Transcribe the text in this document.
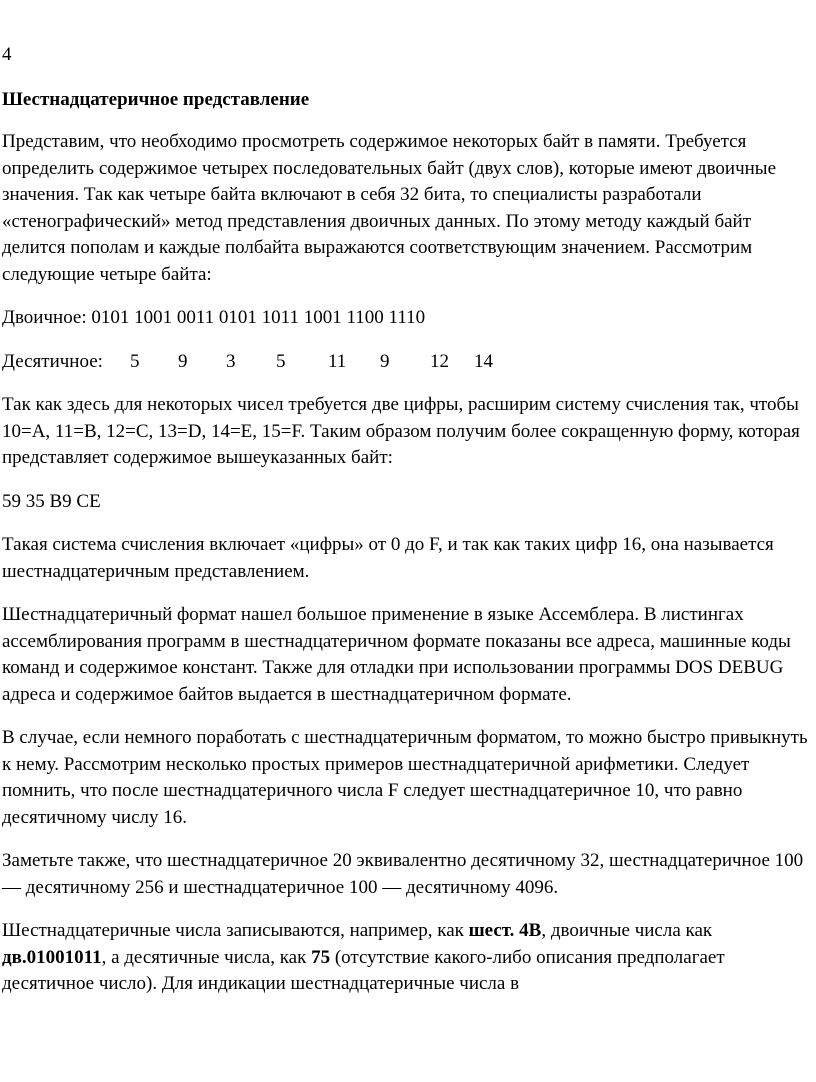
4
Шестнадцатеричное представление

Представим, что необходимо просмотреть содержимое некоторых байт в памяти. Требуется определить содержимое четырех последовательных байт (двух слов), которые имеют двоичные значения. Так как четыре байта включают в себя 32 бита, то специалисты разработали «стенографический» метод представления двоичных данных. По этому методу каждый байт делится пополам и каждые полбайта выражаются соответствующим значением. Рассмотрим следующие четыре байта:

Двоичное: 0101 1001 0011 0101 1011 1001 1100 1110

Десятичное: 5 9 3 5 11 9 12 14

Так как здесь для некоторых чисел требуется две цифры, расширим систему счисления так, чтобы 10=A, 11=B, 12=C, 13=D, 14=E, 15=F. Таким образом получим более сокращенную форму, которая представляет содержимое вышеуказанных байт:

59 35 B9 CE

Такая система счисления включает «цифры» от 0 до F, и так как таких цифр 16, она называется шестнадцатеричным представлением.

Шестнадцатеричный формат нашел большое применение в языке Ассемблера. В листингах ассемблирования программ в шестнадцатеричном формате показаны все адреса, машинные коды команд и содержимое констант. Также для отладки при использовании программы DOS DEBUG адреса и содержимое байтов выдается в шестнадцатеричном формате.

В случае, если немного поработать с шестнадцатеричным форматом, то можно быстро привыкнуть к нему. Рассмотрим несколько простых примеров шестнадцатеричной арифметики. Следует помнить, что после шестнадцатеричного числа F следует шестнадцатеричное 10, что равно десятичному числу 16.

Заметьте также, что шестнадцатеричное 20 эквивалентно десятичному 32, шестнадцатеричное 100 — десятичному 256 и шестнадцатеричное 100 — десятичному 4096.

Шестнадцатеричные числа записываются, например, как шест. 4B, двоичные числа как дв.01001011, а десятичные числа, как 75 (отсутствие какого-либо описания предполагает десятичное число). Для индикации шестнадцатеричные числа в
